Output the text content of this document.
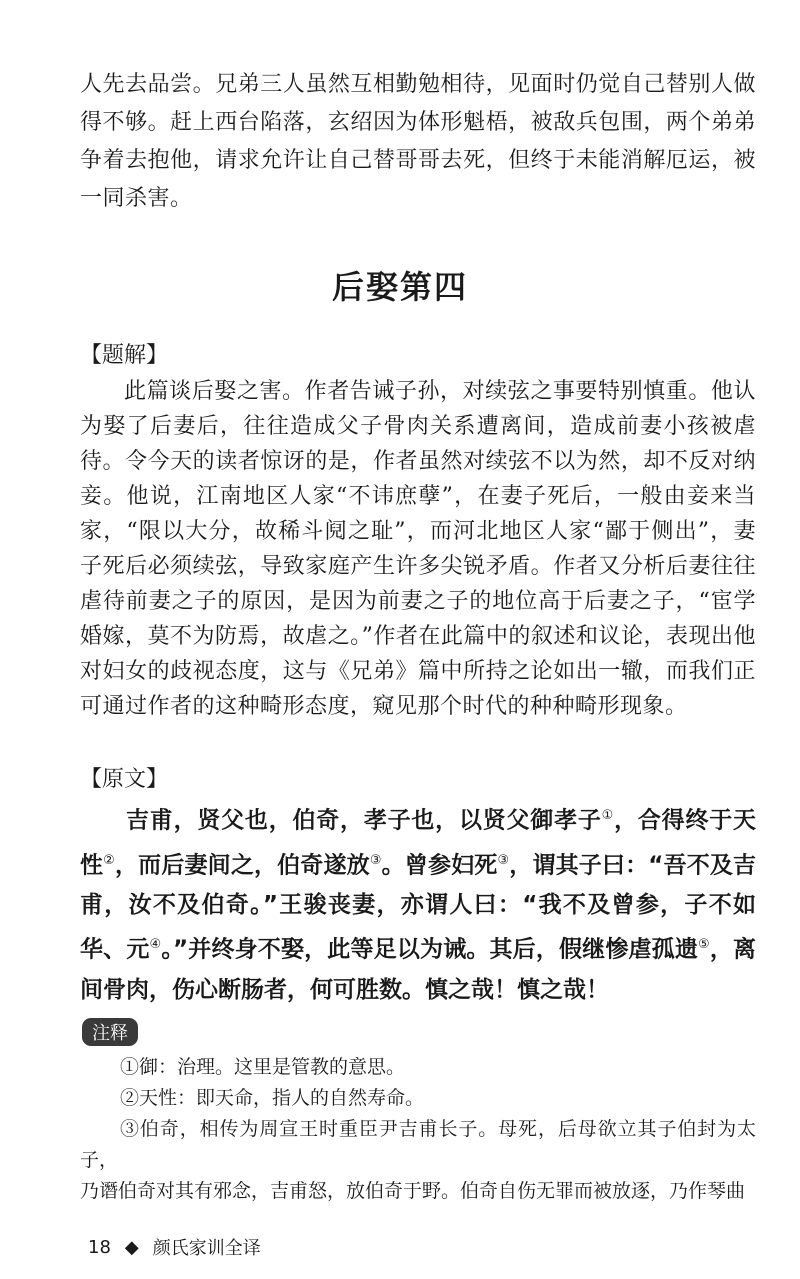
人先去品尝。兄弟三人虽然互相勤勉相待，见面时仍觉自己替别人做得不够。赶上西台陷落，玄绍因为体形魁梧，被敌兵包围，两个弟弟争着去抱他，请求允许让自己替哥哥去死，但终于未能消解厄运，被一同杀害。
后娶第四
【题解】
此篇谈后娶之害。作者告诫子孙，对续弦之事要特别慎重。他认为娶了后妻后，往往造成父子骨肉关系遭离间，造成前妻小孩被虐待。令今天的读者惊讶的是，作者虽然对续弦不以为然，却不反对纳妾。他说，江南地区人家“不讳庶孽”，在妻子死后，一般由妾来当家，“限以大分，故稀斗阋之耻”，而河北地区人家“鄙于侧出”，妻子死后必须续弦，导致家庭产生许多尖锐矛盾。作者又分析后妻往往虐待前妻之子的原因，是因为前妻之子的地位高于后妻之子，“宦学婚嫁，莫不为防焉，故虐之。”作者在此篇中的叙述和议论，表现出他对妇女的歧视态度，这与《兄弟》篇中所持之论如出一辙，而我们正可通过作者的这种畸形态度，窥见那个时代的种种畸形现象。
【原文】
吉甫，贤父也，伯奇，孝子也，以贤父御孝子①，合得终于天性②，而后妻间之，伯奇遂放③。曾参妇死③，谓其子曰：“吾不及吉甫，汝不及伯奇。”王骏丧妻，亦谓人曰：“我不及曾参，子不如华、元④。”并终身不娶，此等足以为诫。其后，假继惨虐孤遗⑤，离间骨肉，伤心断肠者，何可胜数。慎之哉！慎之哉！
注释
①御：治理。这里是管教的意思。
②天性：即天命，指人的自然寿命。
③伯奇，相传为周宣王时重臣尹吉甫长子。母死，后母欲立其子伯封为太子，
乃谮伯奇对其有邪念，吉甫怒，放伯奇于野。伯奇自伤无罪而被放逐，乃作琴曲
18 ◆ 颜氏家训全译
